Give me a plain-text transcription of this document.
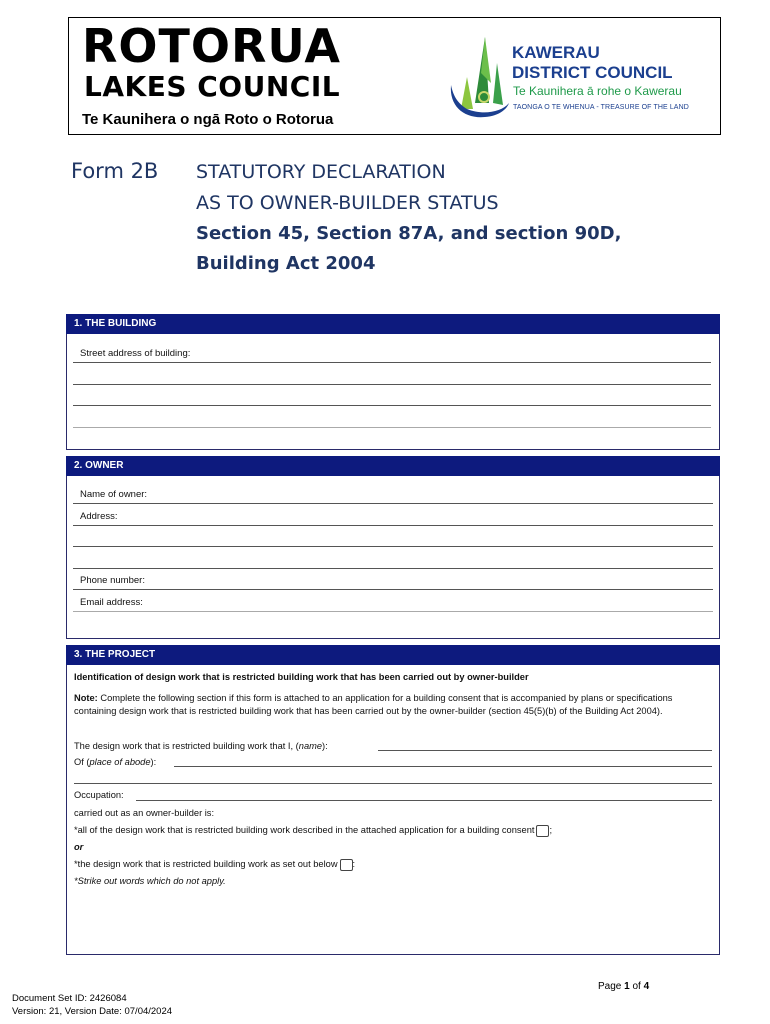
ROTORUA
LAKES COUNCIL
Te Kaunihera o ngā Roto o Rotorua
KAWERAU
DISTRICT COUNCIL
Te Kaunihera ā rohe o Kawerau
TAONGA O TE WHENUA - TREASURE OF THE LAND
Form 2B STATUTORY DECLARATION
AS TO OWNER-BUILDER STATUS
Section 45, Section 87A, and section 90D,
Building Act 2004
1. THE BUILDING
Street address of building:
2. OWNER
Name of owner:
Address:
Phone number:
Email address:
3. THE PROJECT
Identification of design work that is restricted building work that has been carried out by owner-builder
Note: Complete the following section if this form is attached to an application for a building consent that is accompanied by plans or specifications containing design work that is restricted building work that has been carried out by the owner-builder (section 45(5)(b) of the Building Act 2004).
The design work that is restricted building work that I, (name):
Of (place of abode):
Occupation:
carried out as an owner-builder is:
*all of the design work that is restricted building work described in the attached application for a building consent ;
or
*the design work that is restricted building work as set out below :
*Strike out words which do not apply.
Page 1 of 4
Document Set ID: 2426084
Version: 21, Version Date: 07/04/2024
